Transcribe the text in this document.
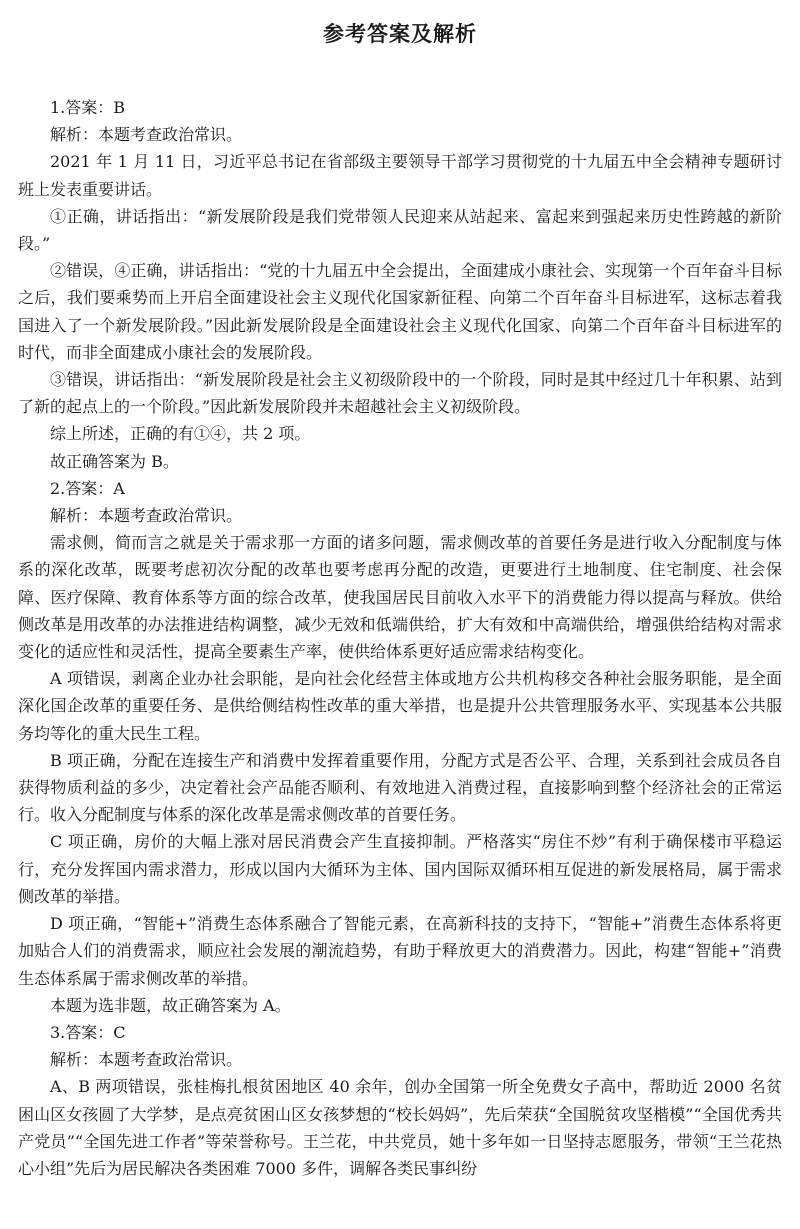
参考答案及解析

1.答案：B

解析：本题考查政治常识。

2021 年 1 月 11 日，习近平总书记在省部级主要领导干部学习贯彻党的十九届五中全会精神专题研讨班上发表重要讲话。

①正确，讲话指出：“新发展阶段是我们党带领人民迎来从站起来、富起来到强起来历史性跨越的新阶段。”

②错误，④正确，讲话指出：“党的十九届五中全会提出，全面建成小康社会、实现第一个百年奋斗目标之后，我们要乘势而上开启全面建设社会主义现代化国家新征程、向第二个百年奋斗目标进军，这标志着我国进入了一个新发展阶段。”因此新发展阶段是全面建设社会主义现代化国家、向第二个百年奋斗目标进军的时代，而非全面建成小康社会的发展阶段。

③错误，讲话指出：“新发展阶段是社会主义初级阶段中的一个阶段，同时是其中经过几十年积累、站到了新的起点上的一个阶段。”因此新发展阶段并未超越社会主义初级阶段。

综上所述，正确的有①④，共 2 项。

故正确答案为 B。

2.答案：A

解析：本题考查政治常识。

需求侧，简而言之就是关于需求那一方面的诸多问题，需求侧改革的首要任务是进行收入分配制度与体系的深化改革，既要考虑初次分配的改革也要考虑再分配的改造，更要进行土地制度、住宅制度、社会保障、医疗保障、教育体系等方面的综合改革，使我国居民目前收入水平下的消费能力得以提高与释放。供给侧改革是用改革的办法推进结构调整，减少无效和低端供给，扩大有效和中高端供给，增强供给结构对需求变化的适应性和灵活性，提高全要素生产率，使供给体系更好适应需求结构变化。

A 项错误，剥离企业办社会职能，是向社会化经营主体或地方公共机构移交各种社会服务职能，是全面深化国企改革的重要任务、是供给侧结构性改革的重大举措，也是提升公共管理服务水平、实现基本公共服务均等化的重大民生工程。

B 项正确，分配在连接生产和消费中发挥着重要作用，分配方式是否公平、合理，关系到社会成员各自获得物质利益的多少，决定着社会产品能否顺利、有效地进入消费过程，直接影响到整个经济社会的正常运行。收入分配制度与体系的深化改革是需求侧改革的首要任务。

C 项正确，房价的大幅上涨对居民消费会产生直接抑制。严格落实“房住不炒”有利于确保楼市平稳运行，充分发挥国内需求潜力，形成以国内大循环为主体、国内国际双循环相互促进的新发展格局，属于需求侧改革的举措。

D 项正确，“智能+”消费生态体系融合了智能元素，在高新科技的支持下，“智能+”消费生态体系将更加贴合人们的消费需求，顺应社会发展的潮流趋势，有助于释放更大的消费潜力。因此，构建“智能+”消费生态体系属于需求侧改革的举措。

本题为选非题，故正确答案为 A。

3.答案：C

解析：本题考查政治常识。

A、B 两项错误，张桂梅扎根贫困地区 40 余年，创办全国第一所全免费女子高中，帮助近 2000 名贫困山区女孩圆了大学梦，是点亮贫困山区女孩梦想的“校长妈妈”，先后荣获“全国脱贫攻坚楷模”“全国优秀共产党员”“全国先进工作者”等荣誉称号。王兰花，中共党员，她十多年如一日坚持志愿服务，带领“王兰花热心小组”先后为居民解决各类困难 7000 多件，调解各类民事纠纷
